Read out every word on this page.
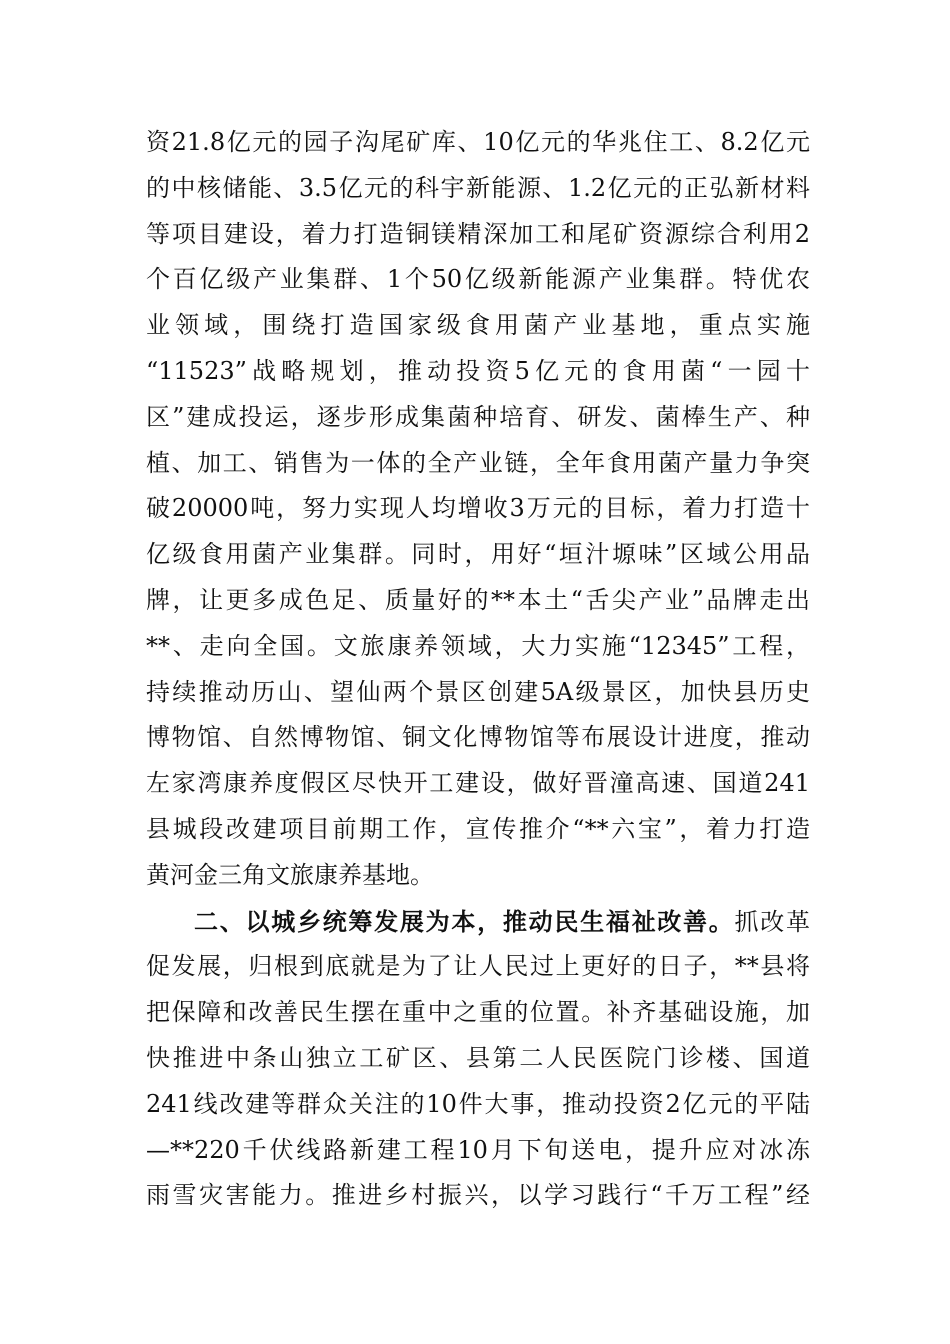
资21.8亿元的园子沟尾矿库、10亿元的华兆住工、8.2亿元
的中核储能、3.5亿元的科宇新能源、1.2亿元的正弘新材料
等项目建设，着力打造铜镁精深加工和尾矿资源综合利用2
个百亿级产业集群、1个50亿级新能源产业集群。特优农
业领域，围绕打造国家级食用菌产业基地，重点实施
“11523”战略规划，推动投资5亿元的食用菌“一园十
区”建成投运，逐步形成集菌种培育、研发、菌棒生产、种
植、加工、销售为一体的全产业链，全年食用菌产量力争突
破20000吨，努力实现人均增收3万元的目标，着力打造十
亿级食用菌产业集群。同时，用好“垣汁塬味”区域公用品
牌，让更多成色足、质量好的**本土“舌尖产业”品牌走出
**、走向全国。文旅康养领域，大力实施“12345”工程，
持续推动历山、望仙两个景区创建5A级景区，加快县历史
博物馆、自然博物馆、铜文化博物馆等布展设计进度，推动
左家湾康养度假区尽快开工建设，做好晋潼高速、国道241
县城段改建项目前期工作，宣传推介“**六宝”，着力打造
黄河金三角文旅康养基地。
二、以城乡统筹发展为本，推动民生福祉改善。抓改革
促发展，归根到底就是为了让人民过上更好的日子，**县将
把保障和改善民生摆在重中之重的位置。补齐基础设施，加
快推进中条山独立工矿区、县第二人民医院门诊楼、国道
241线改建等群众关注的10件大事，推动投资2亿元的平陆
—**220千伏线路新建工程10月下旬送电，提升应对冰冻
雨雪灾害能力。推进乡村振兴，以学习践行“千万工程”经
